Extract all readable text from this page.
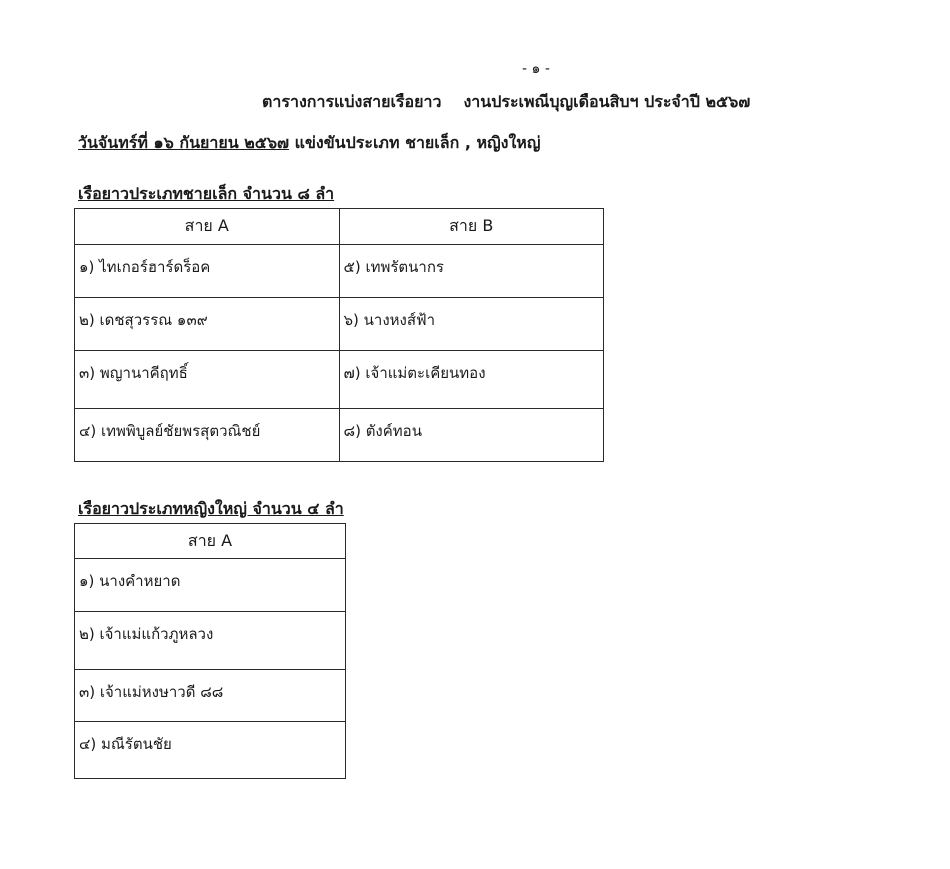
- ๑ -
ตารางการแบ่งสายเรือยาว งานประเพณีบุญเดือนสิบฯ ประจำปี ๒๕๖๗
วันจันทร์ที่ ๑๖ กันยายน ๒๕๖๗ แข่งขันประเภท ชายเล็ก , หญิงใหญ่
เรือยาวประเภทชายเล็ก จำนวน ๘ ลำ
สาย A	สาย B
๑) ไทเกอร์ฮาร์ดร็อค	๕) เทพรัตนากร
๒) เดชสุวรรณ ๑๓๙	๖) นางหงส์ฟ้า
๓) พญานาคีฤทธิ์	๗) เจ้าแม่ตะเคียนทอง
๔) เทพพิบูลย์ชัยพรสุตวณิชย์	๘) ตังค์ทอน
เรือยาวประเภทหญิงใหญ่ จำนวน ๔ ลำ
สาย A
๑) นางคำหยาด
๒) เจ้าแม่แก้วภูหลวง
๓) เจ้าแม่หงษาวดี ๘๘
๔) มณีรัตนชัย
